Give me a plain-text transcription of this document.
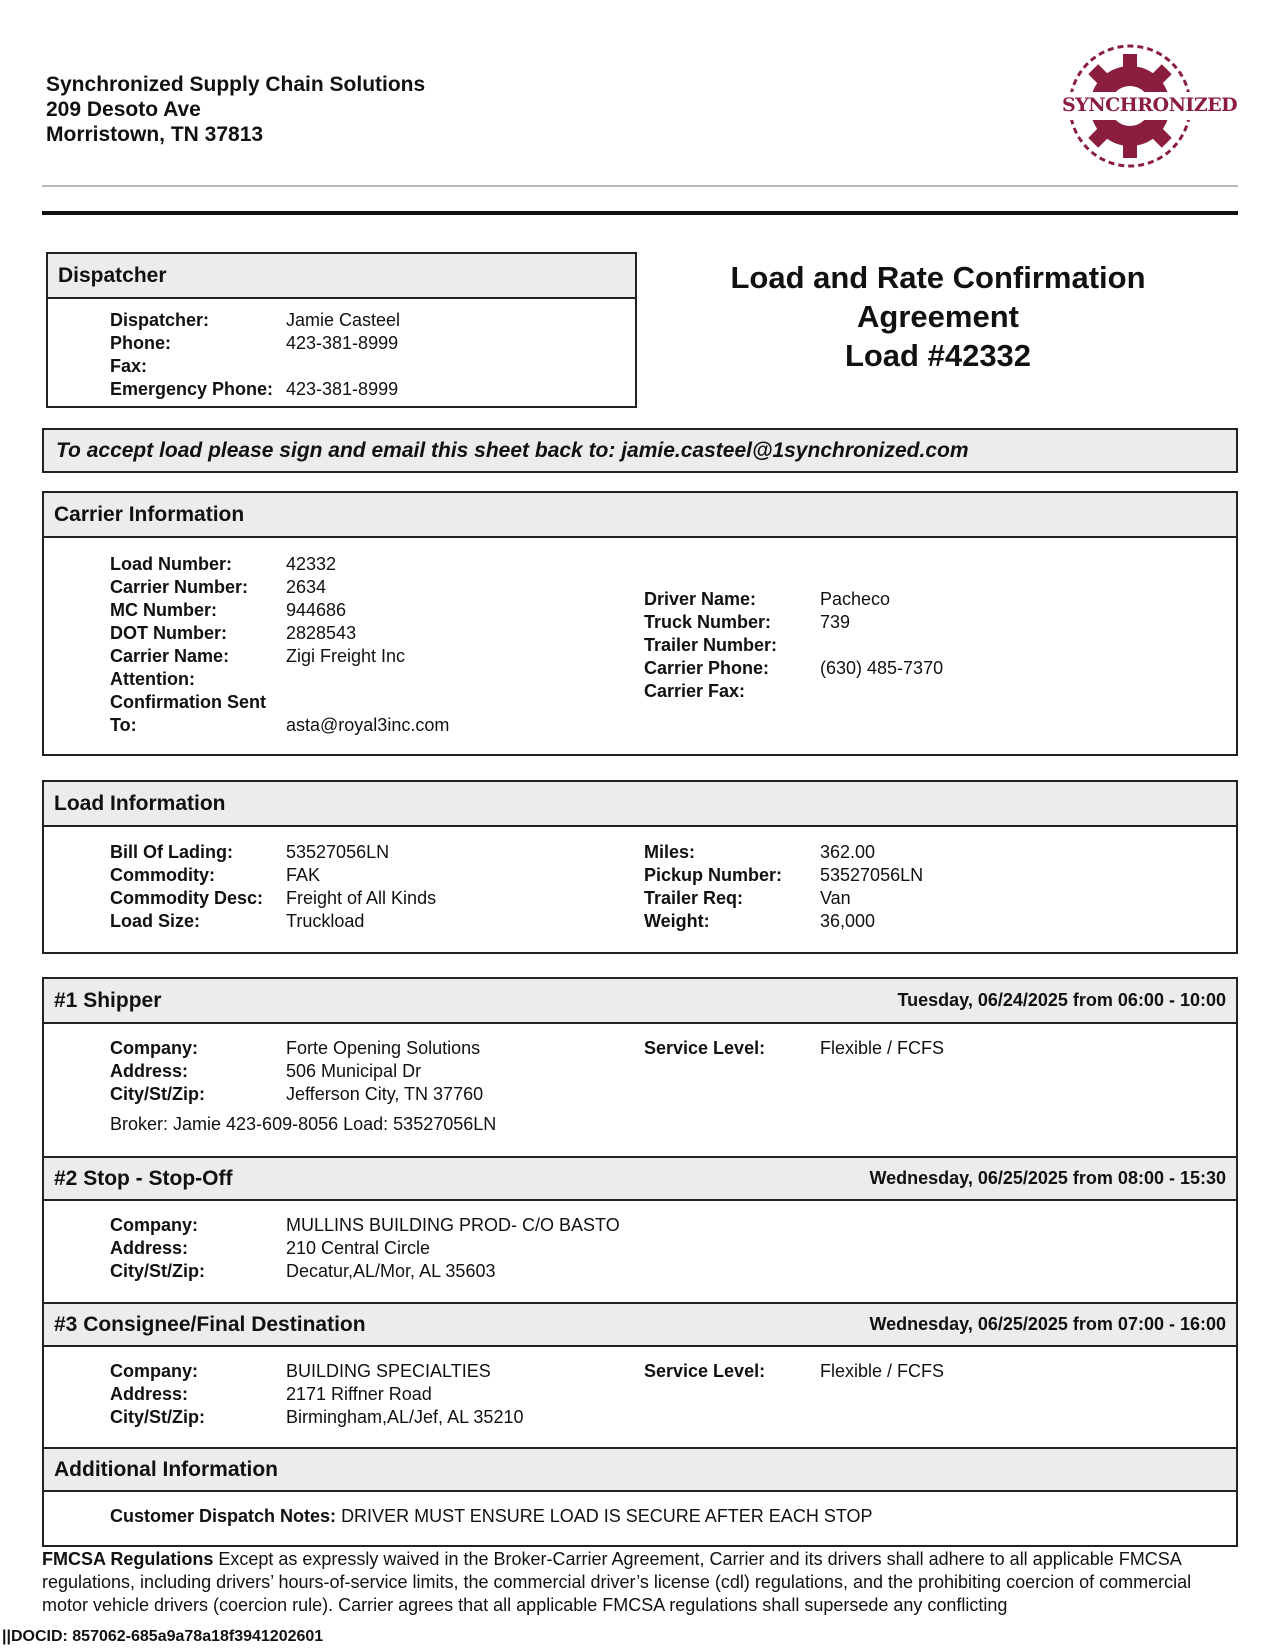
Synchronized Supply Chain Solutions
209 Desoto Ave
Morristown, TN 37813
SYNCHRONIZED
Dispatcher
Dispatcher:	Jamie Casteel
Phone:	423-381-8999
Fax:
Emergency Phone: 423-381-8999
Load and Rate Confirmation
Agreement
Load #42332
To accept load please sign and email this sheet back to: jamie.casteel@1synchronized.com
Carrier Information
Load Number:	42332
Carrier Number: 2634
MC Number:	944686
DOT Number:	2828543
Carrier Name:	Zigi Freight Inc
Attention:
Confirmation Sent
To:	asta@royal3inc.com
Driver Name:	Pacheco
Truck Number:	739
Trailer Number:
Carrier Phone:	(630) 485-7370
Carrier Fax:
Load Information
Bill Of Lading:	53527056LN
Commodity:	FAK
Commodity Desc: Freight of All Kinds
Load Size:	Truckload
Miles:	362.00
Pickup Number: 53527056LN
Trailer Req:	Van
Weight:	36,000
#1 Shipper	Tuesday, 06/24/2025 from 06:00 - 10:00
Company:	Forte Opening Solutions
Address:	506 Municipal Dr
City/St/Zip:	Jefferson City, TN 37760
Broker: Jamie 423-609-8056 Load: 53527056LN
Service Level:	Flexible / FCFS
#2 Stop - Stop-Off	Wednesday, 06/25/2025 from 08:00 - 15:30
Company:	MULLINS BUILDING PROD- C/O BASTO
Address:	210 Central Circle
City/St/Zip:	Decatur,AL/Mor, AL 35603
#3 Consignee/Final Destination	Wednesday, 06/25/2025 from 07:00 - 16:00
Company:	BUILDING SPECIALTIES
Address:	2171 Riffner Road
City/St/Zip:	Birmingham,AL/Jef, AL 35210
Service Level:	Flexible / FCFS
Additional Information
Customer Dispatch Notes: DRIVER MUST ENSURE LOAD IS SECURE AFTER EACH STOP
FMCSA Regulations Except as expressly waived in the Broker-Carrier Agreement, Carrier and its drivers shall adhere to all applicable FMCSA regulations, including drivers’ hours-of-service limits, the commercial driver’s license (cdl) regulations, and the prohibiting coercion of commercial motor vehicle drivers (coercion rule). Carrier agrees that all applicable FMCSA regulations shall supersede any conflicting
||DOCID: 857062-685a9a78a18f3941202601
